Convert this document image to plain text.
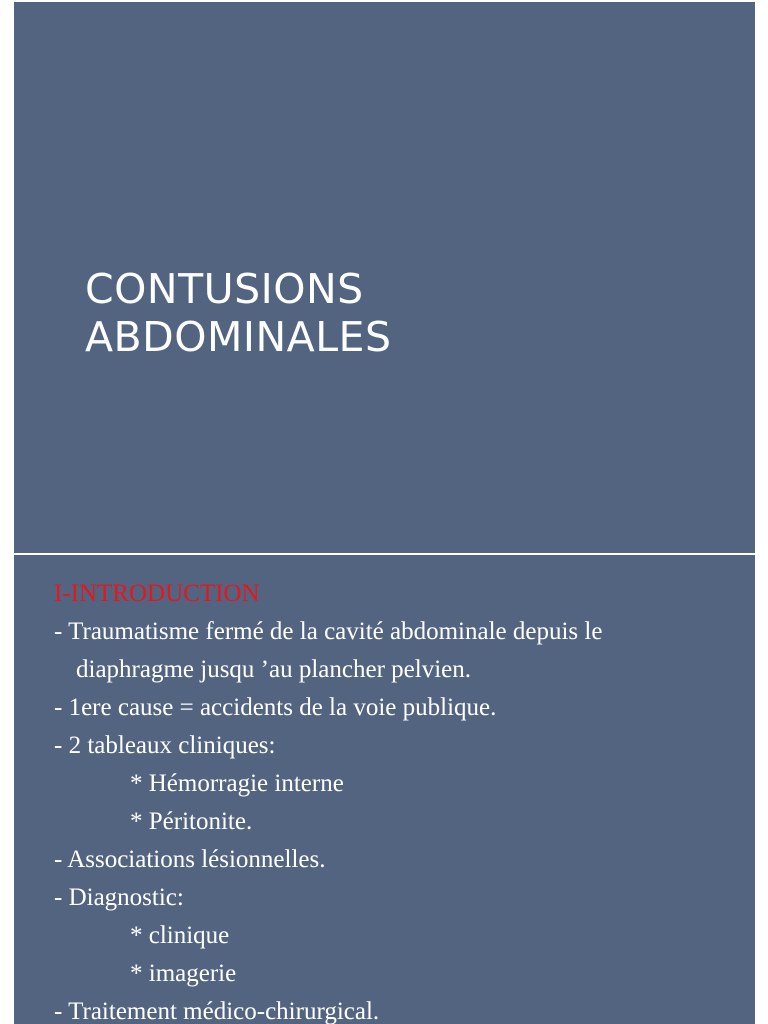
CONTUSIONS
ABDOMINALES
I-INTRODUCTION
- Traumatisme fermé de la cavité abdominale depuis le
diaphragme jusqu ’au plancher pelvien.
- 1ere cause = accidents de la voie publique.
- 2 tableaux cliniques:
* Hémorragie interne
* Péritonite.
- Associations lésionnelles.
- Diagnostic:
* clinique
* imagerie
- Traitement médico-chirurgical.
